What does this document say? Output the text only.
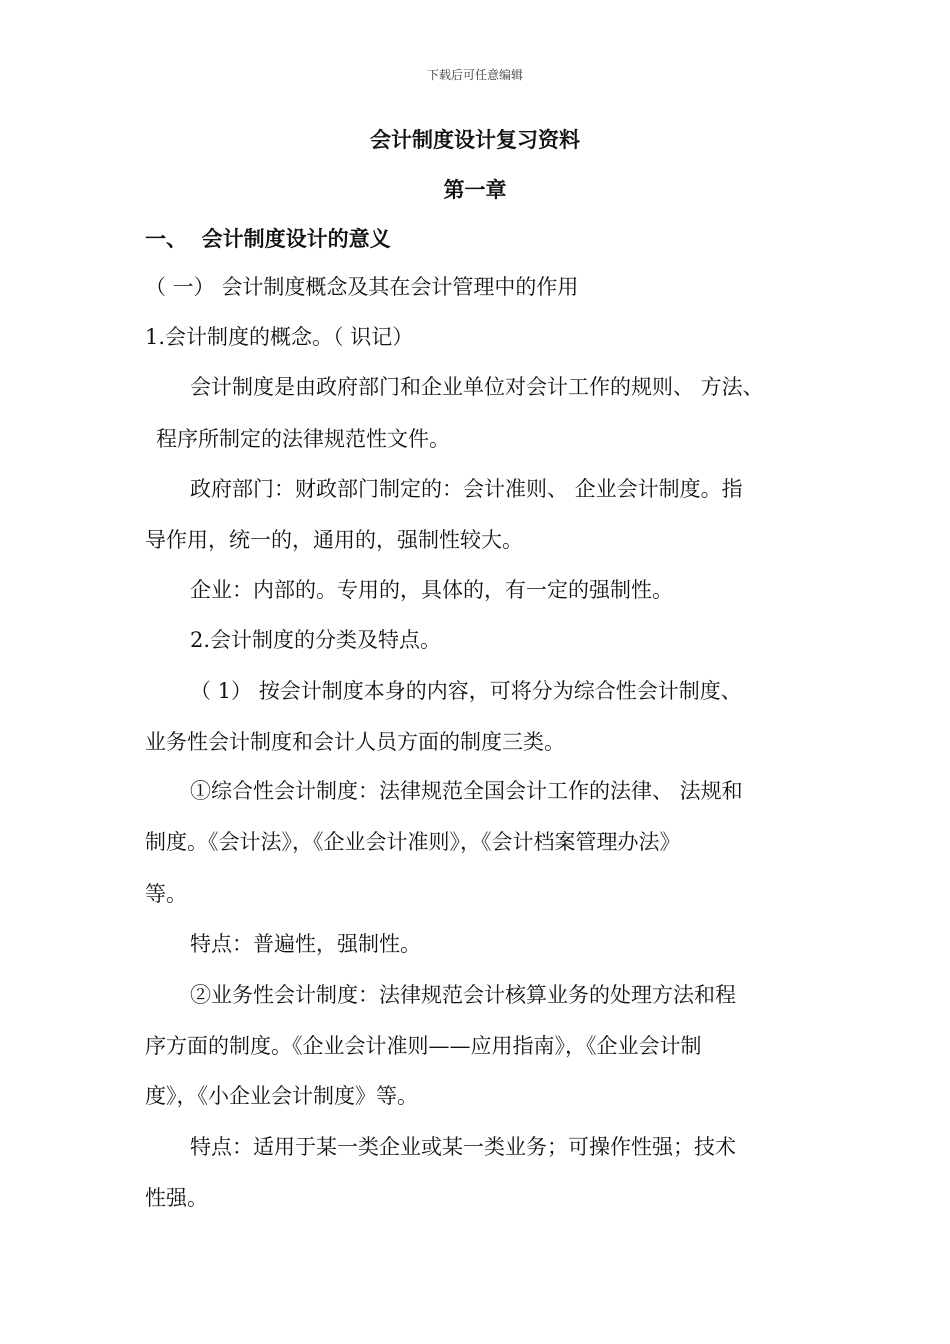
下载后可任意编辑
会计制度设计复习资料
第一章
一、  会计制度设计的意义
（ 一） 会计制度概念及其在会计管理中的作用
1.会计制度的概念。（ 识记）
会计制度是由政府部门和企业单位对会计工作的规则、 方法、
程序所制定的法律规范性文件。
政府部门：财政部门制定的：会计准则、 企业会计制度。指
导作用，统一的，通用的，强制性较大。
企业：内部的。专用的，具体的，有一定的强制性。
2.会计制度的分类及特点。
（ 1） 按会计制度本身的内容，可将分为综合性会计制度、
业务性会计制度和会计人员方面的制度三类。
①综合性会计制度：法律规范全国会计工作的法律、 法规和
制度。《会计法》，《企业会计准则》，《会计档案管理办法》
等。
特点：普遍性，强制性。
②业务性会计制度：法律规范会计核算业务的处理方法和程
序方面的制度。《企业会计准则——应用指南》，《企业会计制
度》，《小企业会计制度》等。
特点：适用于某一类企业或某一类业务；可操作性强；技术
性强。
